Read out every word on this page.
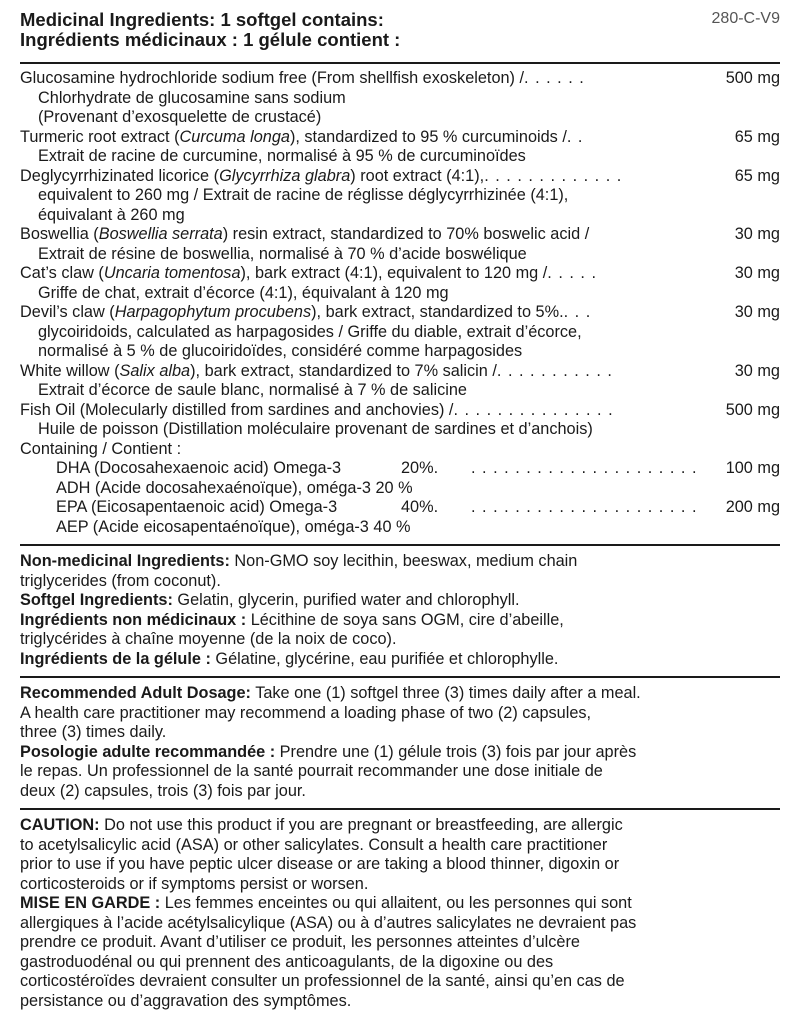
Medicinal Ingredients: 1 softgel contains:
Ingrédients médicinaux : 1 gélule contient :
280-C-V9
Glucosamine hydrochloride sodium free (From shellfish exoskeleton) / . . . . . .	500 mg
Chlorhydrate de glucosamine sans sodium
(Provenant d’exosquelette de crustacé)
Turmeric root extract (Curcuma longa), standardized to 95 % curcuminoids / . .	65 mg
Extrait de racine de curcumine, normalisé à 95 % de curcuminoïdes
Deglycyrrhizinated licorice (Glycyrrhiza glabra) root extract (4:1), . . . . . . . . . . . . .	65 mg
equivalent to 260 mg / Extrait de racine de réglisse déglycyrrhizinée (4:1),
équivalant à 260 mg
Boswellia (Boswellia serrata) resin extract, standardized to 70% boswelic acid /	30 mg
Extrait de résine de boswellia, normalisé à 70 % d’acide boswélique
Cat’s claw (Uncaria tomentosa), bark extract (4:1), equivalent to 120 mg / . . . . .	30 mg
Griffe de chat, extrait d’écorce (4:1), équivalant à 120 mg
Devil’s claw (Harpagophytum procubens), bark extract, standardized to 5%. . . .	30 mg
glycoiridoids, calculated as harpagosides / Griffe du diable, extrait d’écorce,
normalisé à 5 % de glucoiridoïdes, considéré comme harpagosides
White willow (Salix alba), bark extract, standardized to 7% salicin / . . . . . . . . . . .	30 mg
Extrait d’écorce de saule blanc, normalisé à 7 % de salicine
Fish Oil (Molecularly distilled from sardines and anchovies) / . . . . . . . . . . . . . . .	500 mg
Huile de poisson (Distillation moléculaire provenant de sardines et d’anchois)
Containing / Contient :
DHA (Docosahexaenoic acid) Omega-3	20%.	. . . . . . . . . . . . . . . . . . . . .	100 mg
ADH (Acide docosahexaénoïque), oméga-3 20 %
EPA (Eicosapentaenoic acid) Omega-3	40%.	. . . . . . . . . . . . . . . . . . . . .	200 mg
AEP (Acide eicosapentaénoïque), oméga-3 40 %

Non-medicinal Ingredients: Non-GMO soy lecithin, beeswax, medium chain

triglycerides (from coconut).

Softgel Ingredients: Gelatin, glycerin, purified water and chlorophyll.

Ingrédients non médicinaux : Lécithine de soya sans OGM, cire d’abeille,

triglycérides à chaîne moyenne (de la noix de coco).

Ingrédients de la gélule : Gélatine, glycérine, eau purifiée et chlorophylle.

Recommended Adult Dosage: Take one (1) softgel three (3) times daily after a meal.

A health care practitioner may recommend a loading phase of two (2) capsules,

three (3) times daily.

Posologie adulte recommandée : Prendre une (1) gélule trois (3) fois par jour après

le repas. Un professionnel de la santé pourrait recommander une dose initiale de

deux (2) capsules, trois (3) fois par jour.

CAUTION: Do not use this product if you are pregnant or breastfeeding, are allergic

to acetylsalicylic acid (ASA) or other salicylates. Consult a health care practitioner

prior to use if you have peptic ulcer disease or are taking a blood thinner, digoxin or

corticosteroids or if symptoms persist or worsen.

MISE EN GARDE : Les femmes enceintes ou qui allaitent, ou les personnes qui sont

allergiques à l’acide acétylsalicylique (ASA) ou à d’autres salicylates ne devraient pas

prendre ce produit. Avant d’utiliser ce produit, les personnes atteintes d’ulcère

gastroduodénal ou qui prennent des anticoagulants, de la digoxine ou des

corticostéroïdes devraient consulter un professionnel de la santé, ainsi qu’en cas de

persistance ou d’aggravation des symptômes.
